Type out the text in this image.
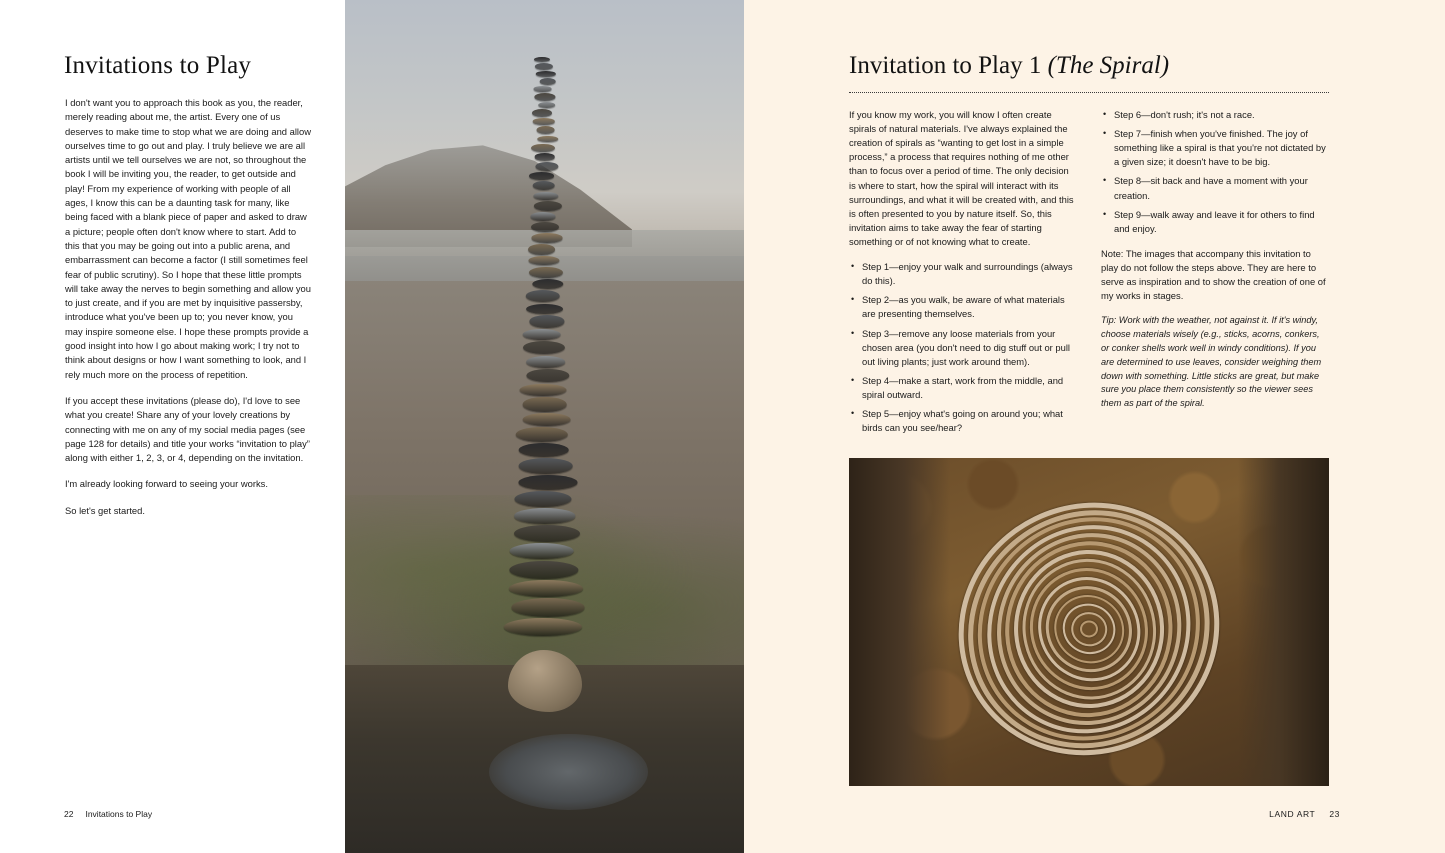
Invitations to Play

I don't want you to approach this book as you, the reader, merely reading about me, the artist. Every one of us deserves to make time to stop what we are doing and allow ourselves time to go out and play. I truly believe we are all artists until we tell ourselves we are not, so throughout the book I will be inviting you, the reader, to get outside and play! From my experience of working with people of all ages, I know this can be a daunting task for many, like being faced with a blank piece of paper and asked to draw a picture; people often don't know where to start. Add to this that you may be going out into a public arena, and embarrassment can become a factor (I still sometimes feel fear of public scrutiny). So I hope that these little prompts will take away the nerves to begin something and allow you to just create, and if you are met by inquisitive passersby, introduce what you've been up to; you never know, you may inspire someone else. I hope these prompts provide a good insight into how I go about making work; I try not to think about designs or how I want something to look, and I rely much more on the process of repetition.

If you accept these invitations (please do), I'd love to see what you create! Share any of your lovely creations by connecting with me on any of my social media pages (see page 128 for details) and title your works “invitation to play” along with either 1, 2, 3, or 4, depending on the invitation.

I'm already looking forward to seeing your works.

So let's get started.

22 Invitations to Play
Invitation to Play 1 (The Spiral)

If you know my work, you will know I often create spirals of natural materials. I've always explained the creation of spirals as “wanting to get lost in a simple process,” a process that requires nothing of me other than to focus over a period of time. The only decision is where to start, how the spiral will interact with its surroundings, and what it will be created with, and this is often presented to you by nature itself. So, this invitation aims to take away the fear of starting something or of not knowing what to create.

• Step 1—enjoy your walk and surroundings (always do this).
• Step 2—as you walk, be aware of what materials are presenting themselves.
• Step 3—remove any loose materials from your chosen area (you don't need to dig stuff out or pull out living plants; just work around them).
• Step 4—make a start, work from the middle, and spiral outward.
• Step 5—enjoy what's going on around you; what birds can you see/hear?
• Step 6—don't rush; it's not a race.
• Step 7—finish when you've finished. The joy of something like a spiral is that you're not dictated by a given size; it doesn't have to be big.
• Step 8—sit back and have a moment with your creation.
• Step 9—walk away and leave it for others to find and enjoy.

Note: The images that accompany this invitation to play do not follow the steps above. They are here to serve as inspiration and to show the creation of one of my works in stages.

Tip: Work with the weather, not against it. If it's windy, choose materials wisely (e.g., sticks, acorns, conkers, or conker shells work well in windy conditions). If you are determined to use leaves, consider weighing them down with something. Little sticks are great, but make sure you place them consistently so the viewer sees them as part of the spiral.

LAND ART 23
